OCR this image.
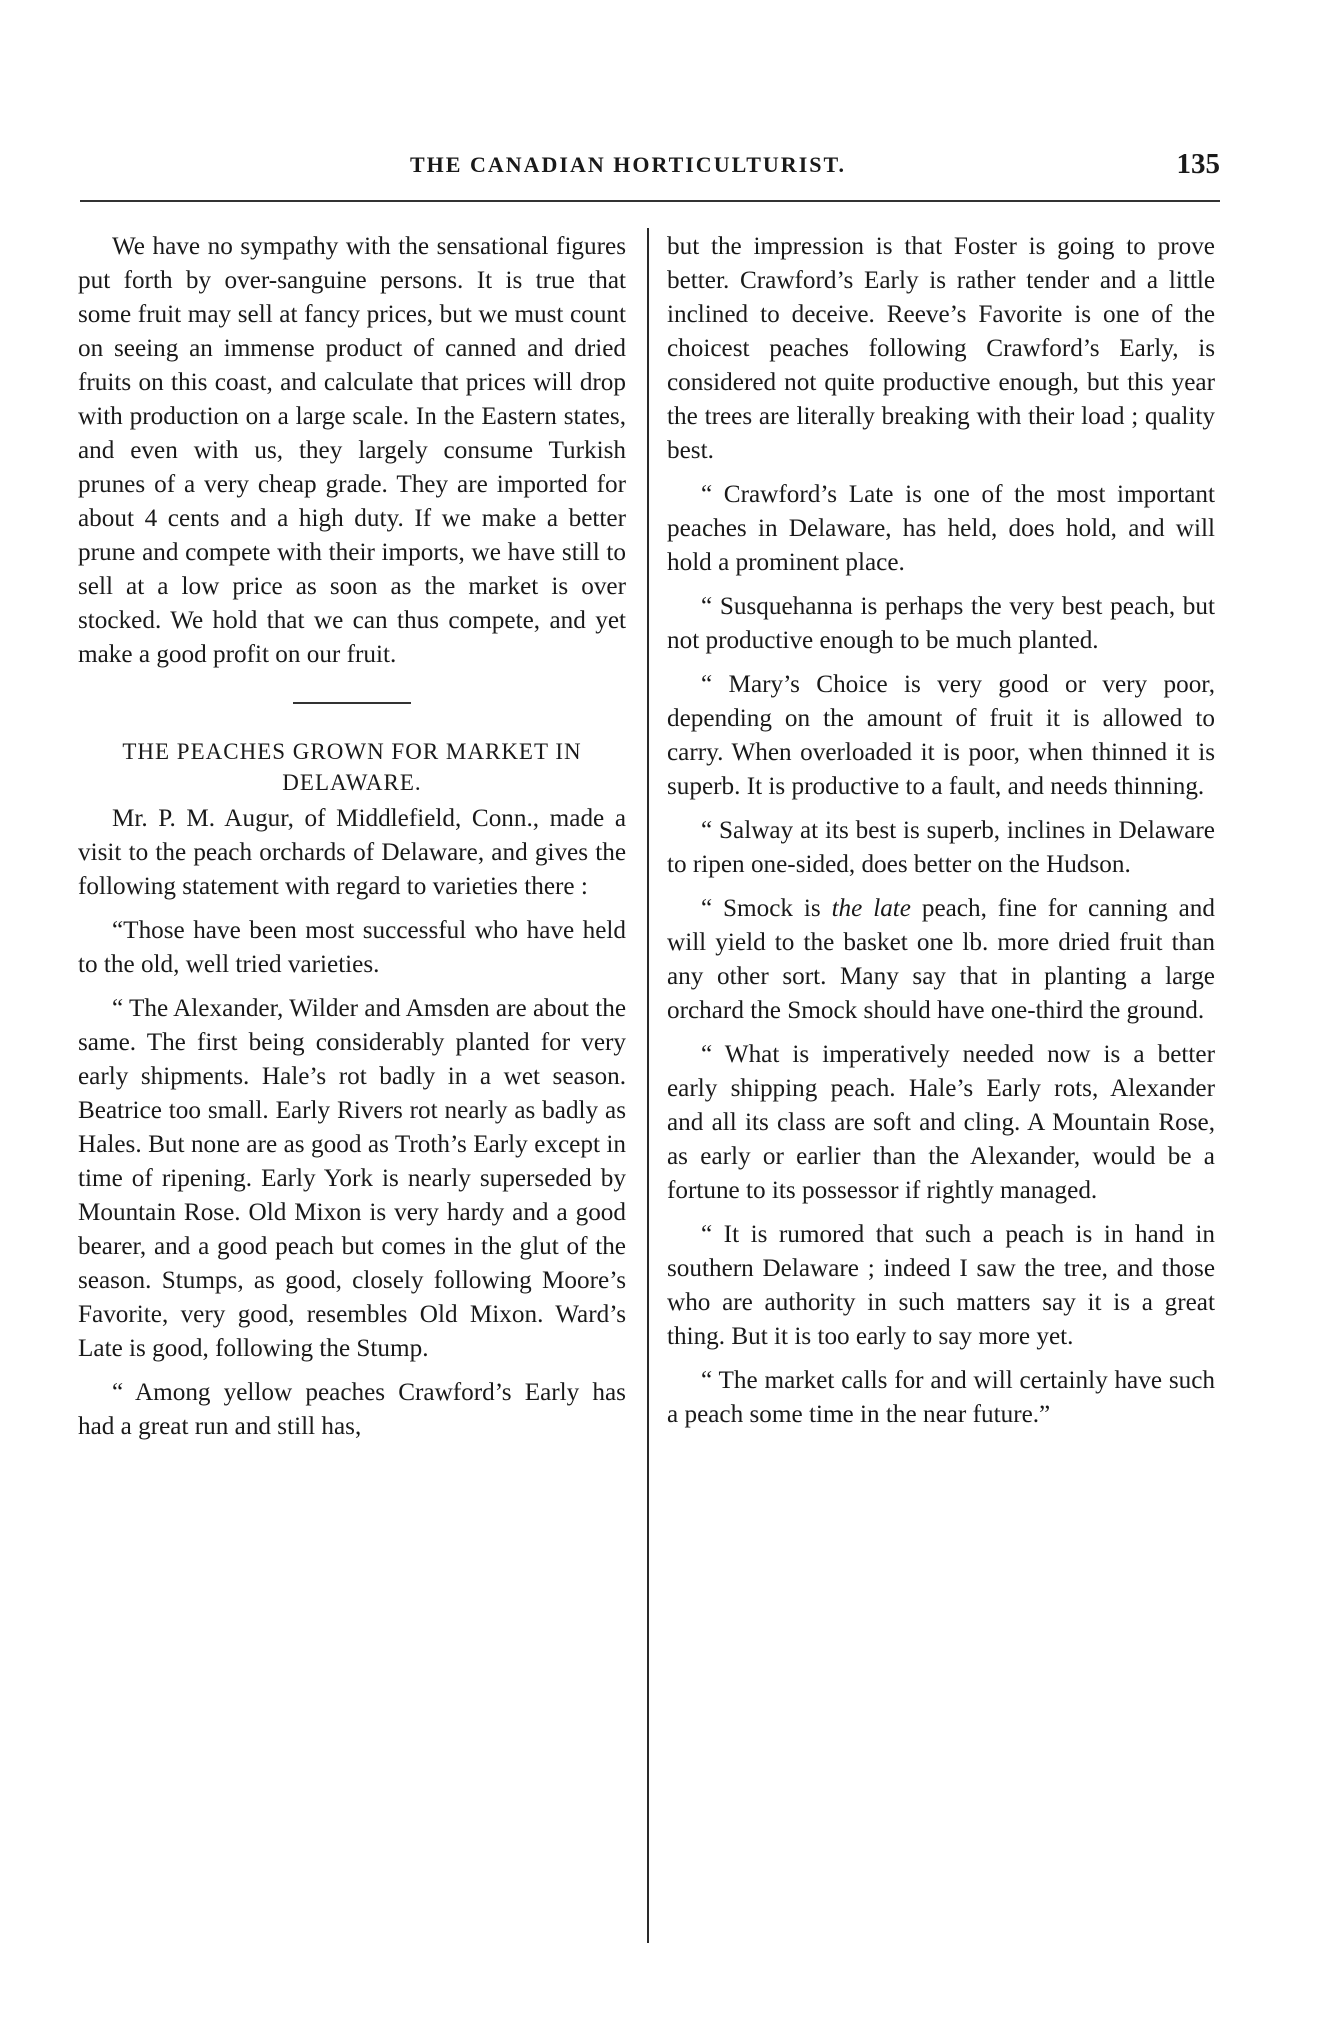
THE CANADIAN HORTICULTURIST.	135

We have no sympathy with the sensational figures put forth by over-sanguine persons. It is true that some fruit may sell at fancy prices, but we must count on seeing an immense product of canned and dried fruits on this coast, and calculate that prices will drop with production on a large scale. In the Eastern states, and even with us, they largely consume Turkish prunes of a very cheap grade. They are imported for about 4 cents and a high duty. If we make a better prune and compete with their imports, we have still to sell at a low price as soon as the market is over stocked. We hold that we can thus compete, and yet make a good profit on our fruit.

THE PEACHES GROWN FOR MARKET IN DELAWARE.

Mr. P. M. Augur, of Middlefield, Conn., made a visit to the peach orchards of Delaware, and gives the following statement with regard to varieties there :

“Those have been most successful who have held to the old, well tried varieties.

“ The Alexander, Wilder and Amsden are about the same. The first being considerably planted for very early shipments. Hale’s rot badly in a wet season. Beatrice too small. Early Rivers rot nearly as badly as Hales. But none are as good as Troth’s Early except in time of ripening. Early York is nearly superseded by Mountain Rose. Old Mixon is very hardy and a good bearer, and a good peach but comes in the glut of the season. Stumps, as good, closely following Moore’s Favorite, very good, resembles Old Mixon. Ward’s Late is good, following the Stump.

“ Among yellow peaches Crawford’s Early has had a great run and still has,

but the impression is that Foster is going to prove better. Crawford’s Early is rather tender and a little inclined to deceive. Reeve’s Favorite is one of the choicest peaches following Crawford’s Early, is considered not quite productive enough, but this year the trees are literally breaking with their load ; quality best.

“ Crawford’s Late is one of the most important peaches in Delaware, has held, does hold, and will hold a prominent place.

“ Susquehanna is perhaps the very best peach, but not productive enough to be much planted.

“ Mary’s Choice is very good or very poor, depending on the amount of fruit it is allowed to carry. When overloaded it is poor, when thinned it is superb. It is productive to a fault, and needs thinning.

“ Salway at its best is superb, inclines in Delaware to ripen one-sided, does better on the Hudson.

“ Smock is the late peach, fine for canning and will yield to the basket one lb. more dried fruit than any other sort. Many say that in planting a large orchard the Smock should have one-third the ground.

“ What is imperatively needed now is a better early shipping peach. Hale’s Early rots, Alexander and all its class are soft and cling. A Mountain Rose, as early or earlier than the Alexander, would be a fortune to its possessor if rightly managed.

“ It is rumored that such a peach is in hand in southern Delaware ; indeed I saw the tree, and those who are authority in such matters say it is a great thing. But it is too early to say more yet.

“ The market calls for and will certainly have such a peach some time in the near future.”
